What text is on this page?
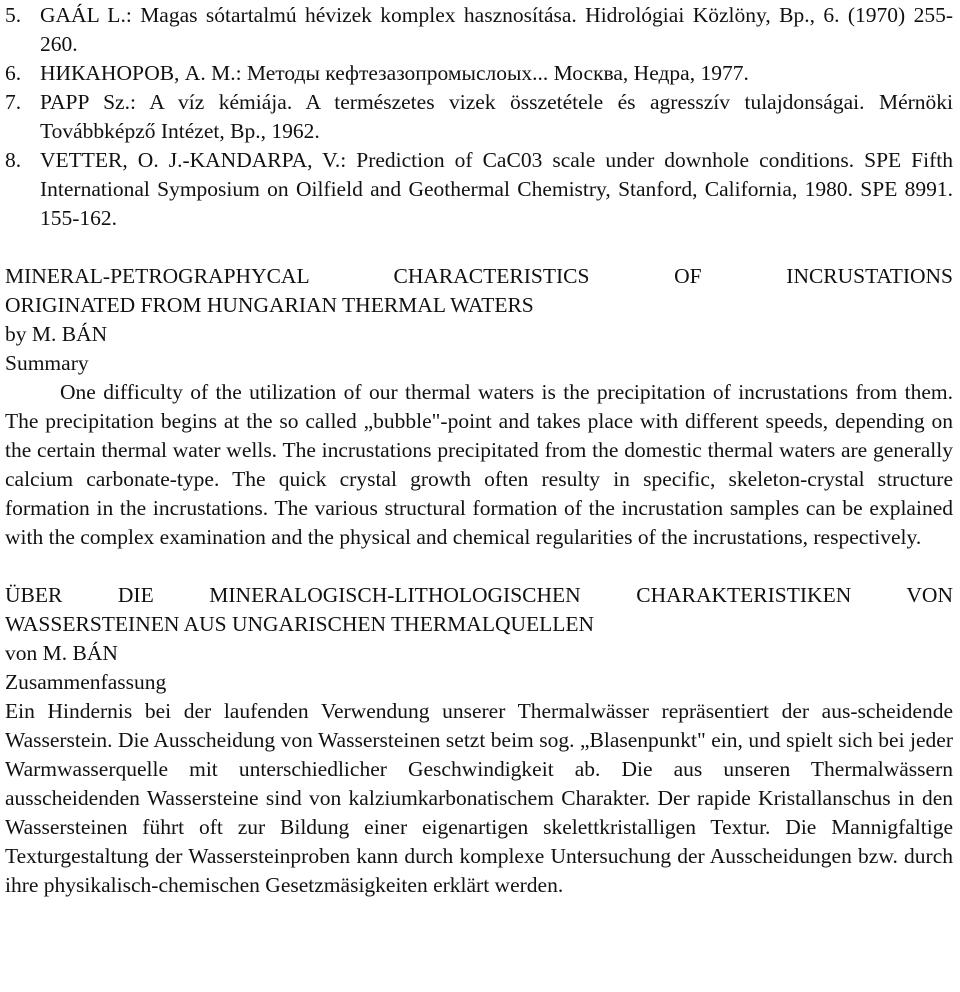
5. GAÁL L.: Magas sótartalmú hévizek komplex hasznosítása. Hidrológiai Közlöny, Bp., 6. (1970) 255-260.
6. НИКАНОРОВ, А. М.: Методы кефтезазопромыслоых... Москва, Недра, 1977.
7. PAPP Sz.: A víz kémiája. A természetes vizek összetétele és agresszív tulajdonságai. Mérnöki Továbbképző Intézet, Bp., 1962.
8. VETTER, O. J.-KANDARPA, V.: Prediction of CaC03 scale under downhole conditions. SPE Fifth International Symposium on Oilfield and Geothermal Chemistry, Stanford, California, 1980. SPE 8991. 155-162.

MINERAL-PETROGRAPHYCAL CHARACTERISTICS OF INCRUSTATIONS

ORIGINATED FROM HUNGARIAN THERMAL WATERS

by M. BÁN

Summary

One difficulty of the utilization of our thermal waters is the precipitation of incrustations from them. The precipitation begins at the so called „bubble"-point and takes place with different speeds, depending on the certain thermal water wells. The incrustations precipitated from the domestic thermal waters are generally calcium carbonate-type. The quick crystal growth often resulty in specific, skeleton-crystal structure formation in the incrustations. The various structural formation of the incrustation samples can be explained with the complex examination and the physical and chemical regularities of the incrustations, respectively.

ÜBER DIE MINERALOGISCH-LITHOLOGISCHEN CHARAKTERISTIKEN VON

WASSERSTEINEN AUS UNGARISCHEN THERMALQUELLEN

von M. BÁN

Zusammenfassung

Ein Hindernis bei der laufenden Verwendung unserer Thermalwässer repräsentiert der aus-scheidende Wasserstein. Die Ausscheidung von Wassersteinen setzt beim sog. „Blasenpunkt" ein, und spielt sich bei jeder Warmwasserquelle mit unterschiedlicher Geschwindigkeit ab. Die aus unseren Thermalwässern ausscheidenden Wassersteine sind von kalziumkarbonatischem Charakter. Der rapide Kristallanschus in den Wassersteinen führt oft zur Bildung einer eigenartigen skelettkristalligen Textur. Die Mannigfaltige Texturgestaltung der Wassersteinproben kann durch komplexe Untersuchung der Ausscheidungen bzw. durch ihre physikalisch-chemischen Gesetzmäsigkeiten erklärt werden.
